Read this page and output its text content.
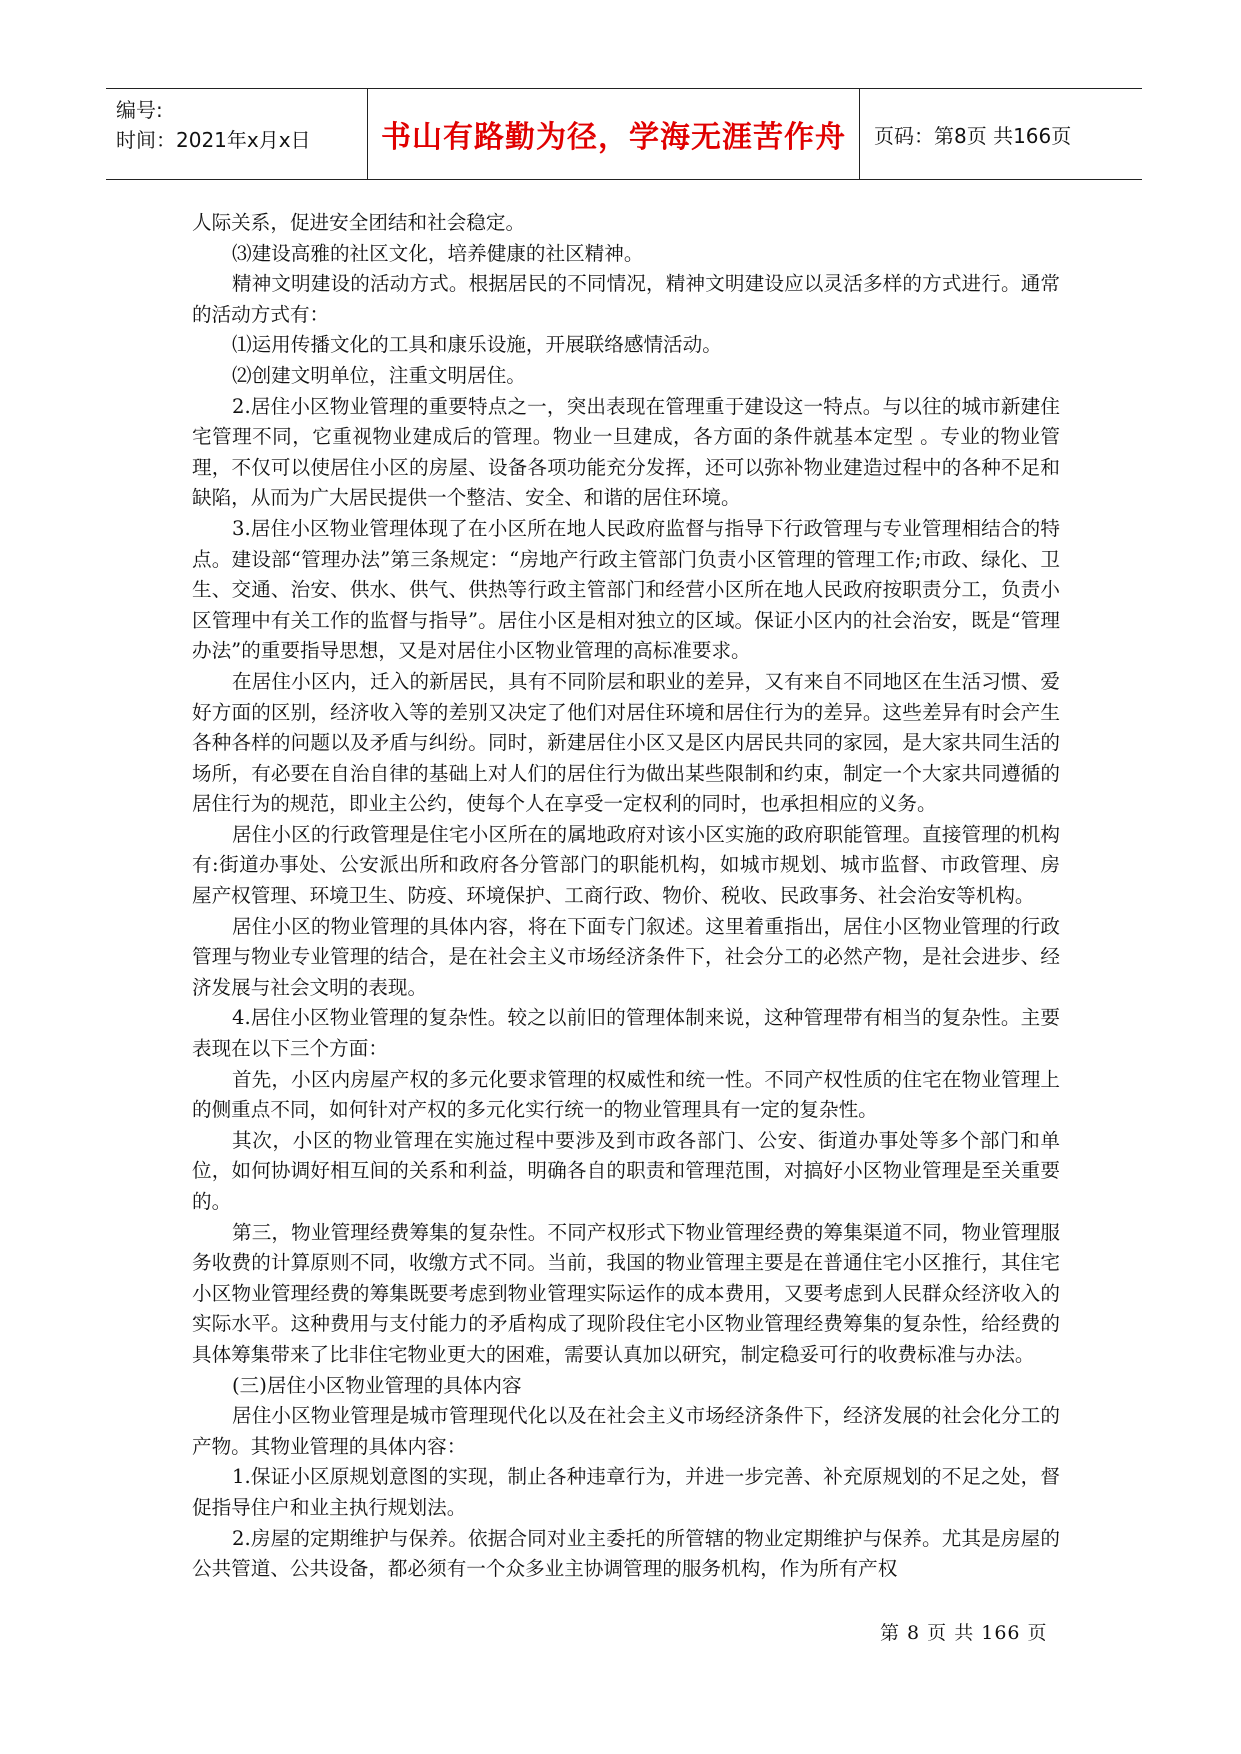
编号:
时间：2021年x月x日	书山有路勤为径，学海无涯苦作舟	页码：第8页 共166页

人际关系，促进安全团结和社会稳定。

⑶建设高雅的社区文化，培养健康的社区精神。

精神文明建设的活动方式。根据居民的不同情况，精神文明建设应以灵活多样的方式进行。通常的活动方式有：

⑴运用传播文化的工具和康乐设施，开展联络感情活动。

⑵创建文明单位，注重文明居住。

2.居住小区物业管理的重要特点之一，突出表现在管理重于建设这一特点。与以往的城市新建住宅管理不同，它重视物业建成后的管理。物业一旦建成，各方面的条件就基本定型 。专业的物业管理，不仅可以使居住小区的房屋、设备各项功能充分发挥，还可以弥补物业建造过程中的各种不足和缺陷，从而为广大居民提供一个整洁、安全、和谐的居住环境。

3.居住小区物业管理体现了在小区所在地人民政府监督与指导下行政管理与专业管理相结合的特点。建设部“管理办法”第三条规定：“房地产行政主管部门负责小区管理的管理工作;市政、绿化、卫生、交通、治安、供水、供气、供热等行政主管部门和经营小区所在地人民政府按职责分工，负责小区管理中有关工作的监督与指导”。居住小区是相对独立的区域。保证小区内的社会治安，既是“管理办法”的重要指导思想，又是对居住小区物业管理的高标准要求。

在居住小区内，迁入的新居民，具有不同阶层和职业的差异，又有来自不同地区在生活习惯、爱好方面的区别，经济收入等的差别又决定了他们对居住环境和居住行为的差异。这些差异有时会产生各种各样的问题以及矛盾与纠纷。同时，新建居住小区又是区内居民共同的家园，是大家共同生活的场所，有必要在自治自律的基础上对人们的居住行为做出某些限制和约束，制定一个大家共同遵循的居住行为的规范，即业主公约，使每个人在享受一定权利的同时，也承担相应的义务。

居住小区的行政管理是住宅小区所在的属地政府对该小区实施的政府职能管理。直接管理的机构有:街道办事处、公安派出所和政府各分管部门的职能机构，如城市规划、城市监督、市政管理、房屋产权管理、环境卫生、防疫、环境保护、工商行政、物价、税收、民政事务、社会治安等机构。

居住小区的物业管理的具体内容，将在下面专门叙述。这里着重指出，居住小区物业管理的行政管理与物业专业管理的结合，是在社会主义市场经济条件下，社会分工的必然产物，是社会进步、经济发展与社会文明的表现。

4.居住小区物业管理的复杂性。较之以前旧的管理体制来说，这种管理带有相当的复杂性。主要表现在以下三个方面：

首先，小区内房屋产权的多元化要求管理的权威性和统一性。不同产权性质的住宅在物业管理上的侧重点不同，如何针对产权的多元化实行统一的物业管理具有一定的复杂性。

其次，小区的物业管理在实施过程中要涉及到市政各部门、公安、街道办事处等多个部门和单位，如何协调好相互间的关系和利益，明确各自的职责和管理范围，对搞好小区物业管理是至关重要的。

第三，物业管理经费筹集的复杂性。不同产权形式下物业管理经费的筹集渠道不同，物业管理服务收费的计算原则不同，收缴方式不同。当前，我国的物业管理主要是在普通住宅小区推行，其住宅小区物业管理经费的筹集既要考虑到物业管理实际运作的成本费用，又要考虑到人民群众经济收入的实际水平。这种费用与支付能力的矛盾构成了现阶段住宅小区物业管理经费筹集的复杂性，给经费的具体筹集带来了比非住宅物业更大的困难，需要认真加以研究，制定稳妥可行的收费标准与办法。

(三)居住小区物业管理的具体内容

居住小区物业管理是城市管理现代化以及在社会主义市场经济条件下，经济发展的社会化分工的产物。其物业管理的具体内容：

1.保证小区原规划意图的实现，制止各种违章行为，并进一步完善、补充原规划的不足之处，督促指导住户和业主执行规划法。

2.房屋的定期维护与保养。依据合同对业主委托的所管辖的物业定期维护与保养。尤其是房屋的公共管道、公共设备，都必须有一个众多业主协调管理的服务机构，作为所有产权

第 8 页 共 166 页
